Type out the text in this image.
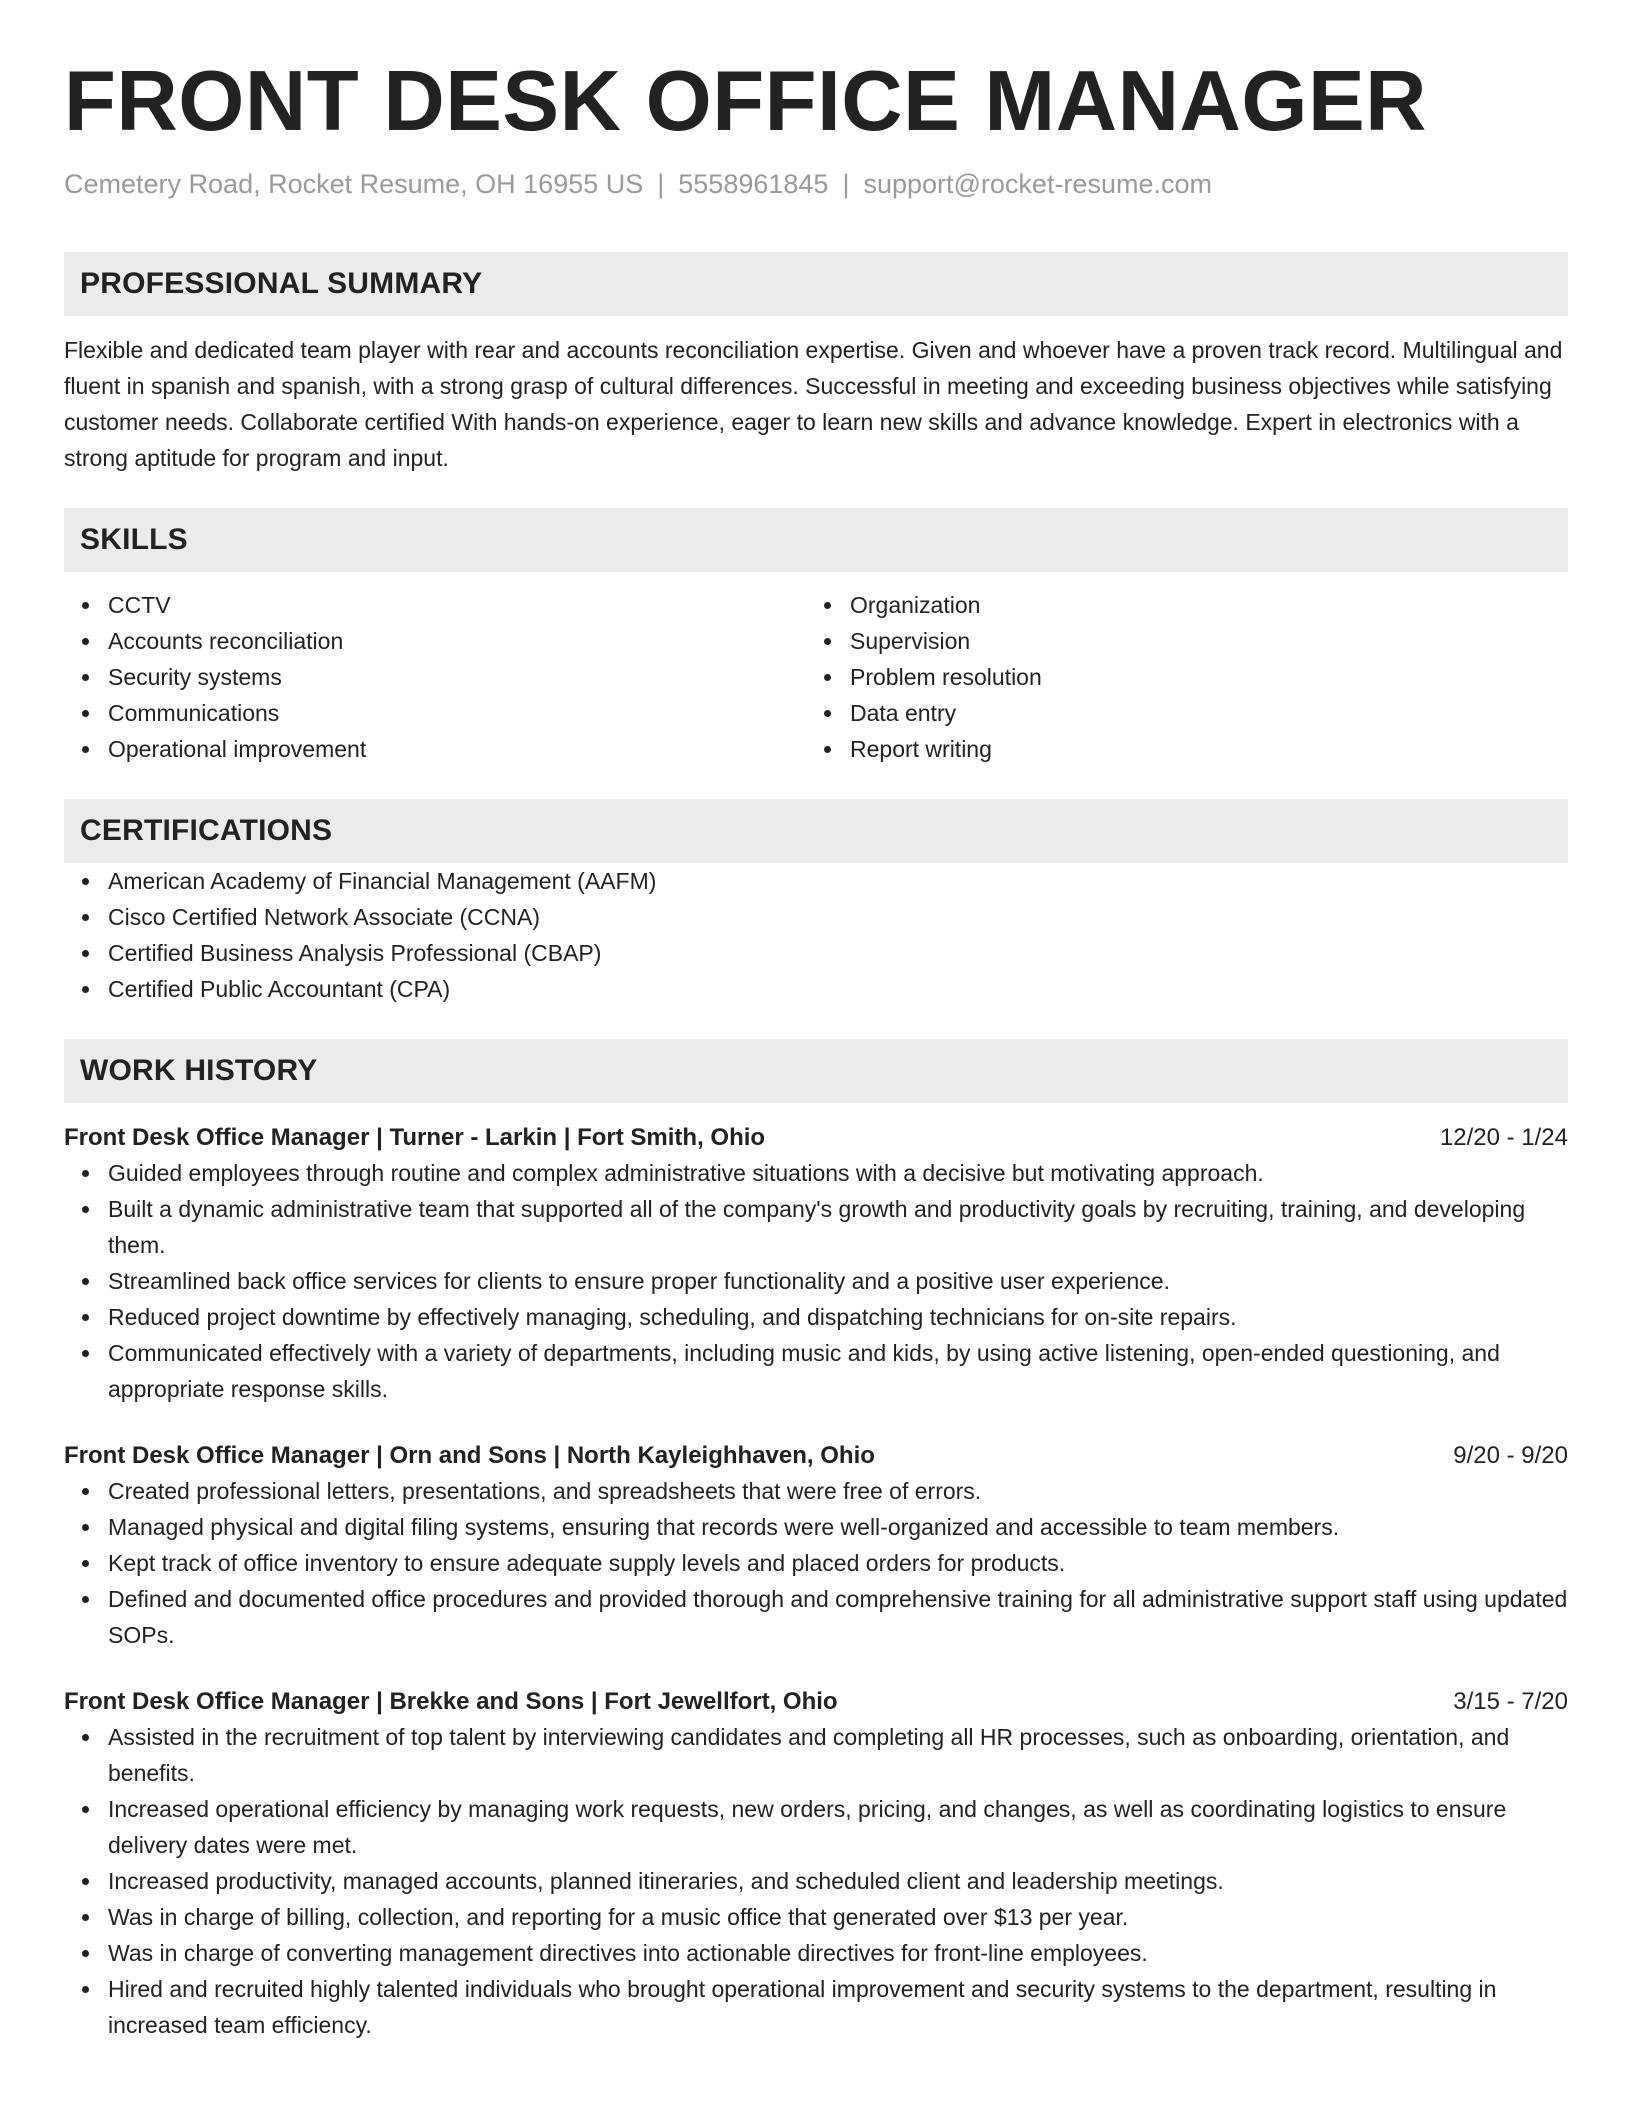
FRONT DESK OFFICE MANAGER
Cemetery Road, Rocket Resume, OH 16955 US | 5558961845 | support@rocket-resume.com
PROFESSIONAL SUMMARY
Flexible and dedicated team player with rear and accounts reconciliation expertise. Given and whoever have a proven track record. Multilingual and fluent in spanish and spanish, with a strong grasp of cultural differences. Successful in meeting and exceeding business objectives while satisfying customer needs. Collaborate certified With hands-on experience, eager to learn new skills and advance knowledge. Expert in electronics with a strong aptitude for program and input.
SKILLS
CCTV
Accounts reconciliation
Security systems
Communications
Operational improvement
Organization
Supervision
Problem resolution
Data entry
Report writing
CERTIFICATIONS
American Academy of Financial Management (AAFM)
Cisco Certified Network Associate (CCNA)
Certified Business Analysis Professional (CBAP)
Certified Public Accountant (CPA)
WORK HISTORY
Front Desk Office Manager | Turner - Larkin | Fort Smith, Ohio	12/20 - 1/24
Guided employees through routine and complex administrative situations with a decisive but motivating approach.
Built a dynamic administrative team that supported all of the company's growth and productivity goals by recruiting, training, and developing them.
Streamlined back office services for clients to ensure proper functionality and a positive user experience.
Reduced project downtime by effectively managing, scheduling, and dispatching technicians for on-site repairs.
Communicated effectively with a variety of departments, including music and kids, by using active listening, open-ended questioning, and appropriate response skills.
Front Desk Office Manager | Orn and Sons | North Kayleighhaven, Ohio	9/20 - 9/20
Created professional letters, presentations, and spreadsheets that were free of errors.
Managed physical and digital filing systems, ensuring that records were well-organized and accessible to team members.
Kept track of office inventory to ensure adequate supply levels and placed orders for products.
Defined and documented office procedures and provided thorough and comprehensive training for all administrative support staff using updated SOPs.
Front Desk Office Manager | Brekke and Sons | Fort Jewellfort, Ohio	3/15 - 7/20
Assisted in the recruitment of top talent by interviewing candidates and completing all HR processes, such as onboarding, orientation, and benefits.
Increased operational efficiency by managing work requests, new orders, pricing, and changes, as well as coordinating logistics to ensure delivery dates were met.
Increased productivity, managed accounts, planned itineraries, and scheduled client and leadership meetings.
Was in charge of billing, collection, and reporting for a music office that generated over $13 per year.
Was in charge of converting management directives into actionable directives for front-line employees.
Hired and recruited highly talented individuals who brought operational improvement and security systems to the department, resulting in increased team efficiency.
